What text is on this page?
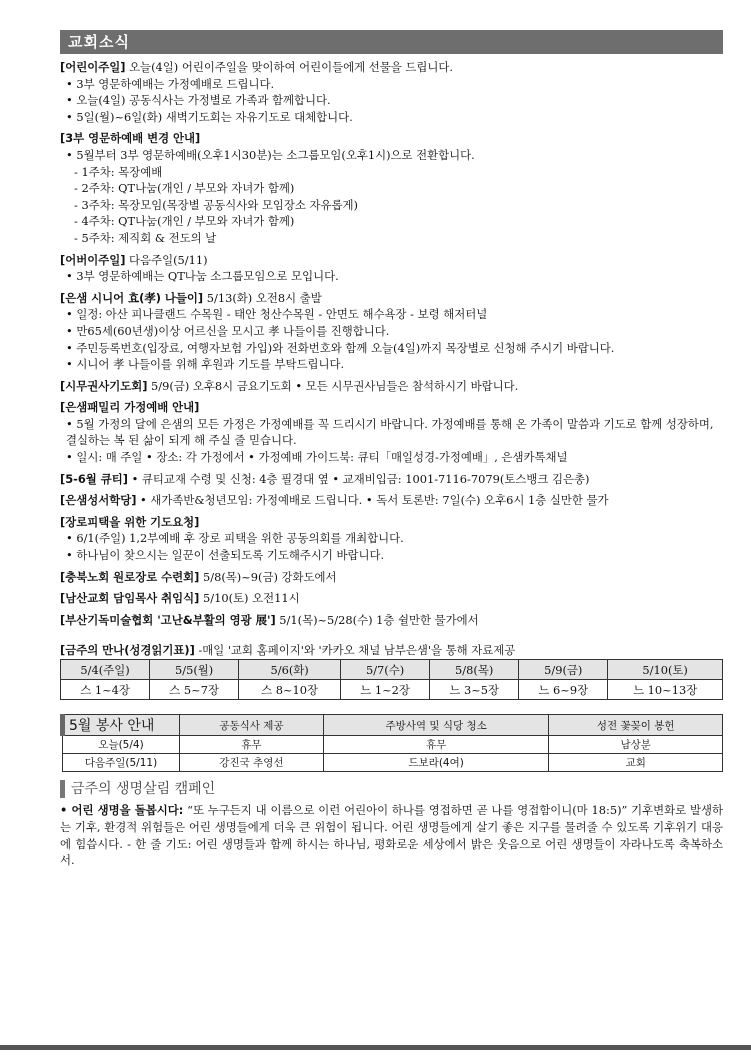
교회소식
[어린이주일] 오늘(4일) 어린이주일을 맞이하여 어린이들에게 선물을 드립니다.
• 3부 영문하예배는 가정예배로 드립니다.
• 오늘(4일) 공동식사는 가정별로 가족과 함께합니다.
• 5일(월)~6일(화) 새벽기도회는 자유기도로 대체합니다.
[3부 영문하예배 변경 안내]
• 5월부터 3부 영문하예배(오후1시30분)는 소그룹모임(오후1시)으로 전환합니다.
- 1주차: 목장예배
- 2주차: QT나눔(개인 / 부모와 자녀가 함께)
- 3주차: 목장모임(목장별 공동식사와 모임장소 자유롭게)
- 4주차: QT나눔(개인 / 부모와 자녀가 함께)
- 5주차: 제직회 & 전도의 날
[어버이주일] 다음주일(5/11)
• 3부 영문하예배는 QT나눔 소그룹모임으로 모입니다.
[은샘 시니어 효(孝) 나들이] 5/13(화) 오전8시 출발
• 일정: 아산 피나클랜드 수목원 - 태안 청산수목원 - 안면도 해수욕장 - 보령 해저터널
• 만65세(60년생)이상 어르신을 모시고 孝 나들이를 진행합니다.
• 주민등록번호(입장료, 여행자보험 가입)와 전화번호와 함께 오늘(4일)까지 목장별로 신청해 주시기 바랍니다.
• 시니어 孝 나들이를 위해 후원과 기도를 부탁드립니다.
[시무권사기도회] 5/9(금) 오후8시 금요기도회 • 모든 시무권사님들은 참석하시기 바랍니다.
[은샘패밀리 가정예배 안내]
• 5월 가정의 달에 은샘의 모든 가정은 가정예배를 꼭 드리시기 바랍니다. 가정예배를 통해 온 가족이 말씀과 기도로 함께 성장하며, 결실하는 복 된 삶이 되게 해 주실 줄 믿습니다.
• 일시: 매 주일 • 장소: 각 가정에서 • 가정예배 가이드북: 큐티「매일성경-가정예배」, 은샘카톡채널
[5-6월 큐티] • 큐티교재 수령 및 신청: 4층 필경대 옆 • 교재비입금: 1001-7116-7079(토스뱅크 김은총)
[은샘성서학당] • 새가족반&청년모임: 가정예배로 드립니다. • 독서 토론반: 7일(수) 오후6시 1층 실만한 물가
[장로피택을 위한 기도요청]
• 6/1(주일) 1,2부예배 후 장로 피택을 위한 공동의회를 개최합니다.
• 하나님이 찾으시는 일꾼이 선출되도록 기도해주시기 바랍니다.
[충북노회 원로장로 수련회] 5/8(목)~9(금) 강화도에서
[남산교회 담임목사 취임식] 5/10(토) 오전11시
[부산기독미술협회 '고난&부활의 영광 展'] 5/1(목)~5/28(수) 1층 쉴만한 물가에서
[금주의 만나(성경읽기표)] -매일 '교회 홈페이지'와 '카카오 채널 남부은샘'을 통해 자료제공
5/4(주일)	5/5(월)	5/6(화)	5/7(수)	5/8(목)	5/9(금)	5/10(토)
스 1~4장	스 5~7장	스 8~10장	느 1~2장	느 3~5장	느 6~9장	느 10~13장
5월 봉사 안내	공동식사 제공	주방사역 및 식당 청소	성전 꽃꽂이 봉헌
오늘(5/4)	휴무	휴무	남상분
다음주일(5/11)	강진국 추영선	드보라(4여)	교회
금주의 생명살림 캠페인
• 어린 생명을 돌봅시다: “또 누구든지 내 이름으로 이런 어린아이 하나를 영접하면 곧 나를 영접함이니(마 18:5)” 기후변화로 발생하는 기후, 환경적 위험들은 어린 생명들에게 더욱 큰 위험이 됩니다. 어린 생명들에게 살기 좋은 지구를 물려줄 수 있도록 기후위기 대응에 힘씁시다. - 한 줄 기도: 어린 생명들과 함께 하시는 하나님, 평화로운 세상에서 밝은 웃음으로 어린 생명들이 자라나도록 축복하소서.
